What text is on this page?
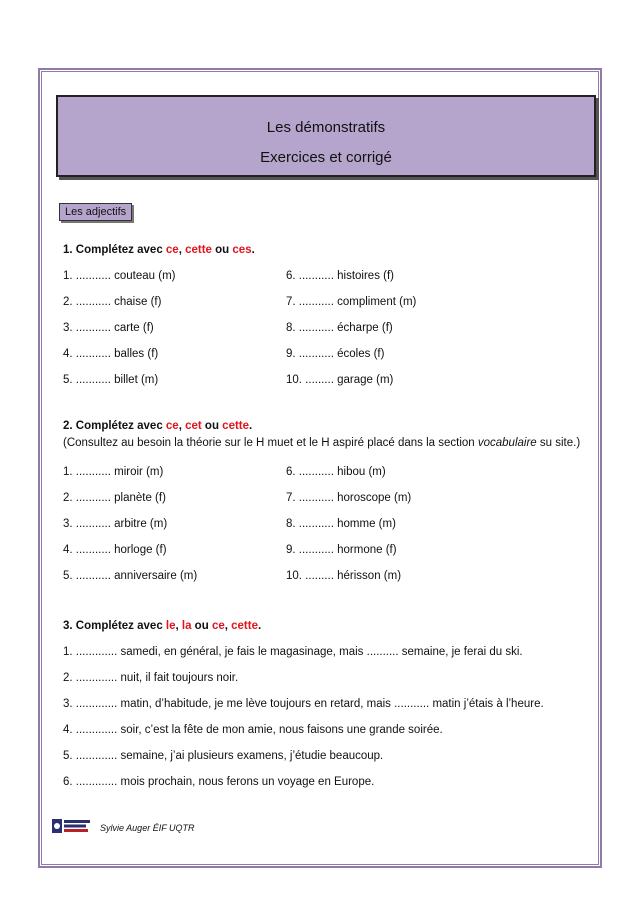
Les démonstratifs
Exercices et corrigé
Les adjectifs
1. Complétez avec ce, cette ou ces.
1. ........... couteau (m)
2. ........... chaise (f)
3. ........... carte (f)
4. ........... balles (f)
5. ........... billet (m)
6. ........... histoires (f)
7. ........... compliment (m)
8. ........... écharpe (f)
9. ........... écoles (f)
10. ......... garage (m)
2. Complétez avec ce, cet ou cette.
(Consultez au besoin la théorie sur le H muet et le H aspiré placé dans la section vocabulaire su site.)
1. ........... miroir (m)
2. ........... planète (f)
3. ........... arbitre (m)
4. ........... horloge (f)
5. ........... anniversaire (m)
6. ........... hibou (m)
7. ........... horoscope (m)
8. ........... homme (m)
9. ........... hormone (f)
10. ......... hérisson (m)
3. Complétez avec le, la ou ce, cette.
1. ............. samedi, en général, je fais le magasinage, mais .......... semaine, je ferai du ski.
2. ............. nuit, il fait toujours noir.
3. ............. matin, d’habitude, je me lève toujours en retard, mais ........... matin j’étais à l’heure.
4. ............. soir, c’est la fête de mon amie, nous faisons une grande soirée.
5. ............. semaine, j’ai plusieurs examens, j’étudie beaucoup.
6. ............. mois prochain, nous ferons un voyage en Europe.
Sylvie Auger ÉIF UQTR
